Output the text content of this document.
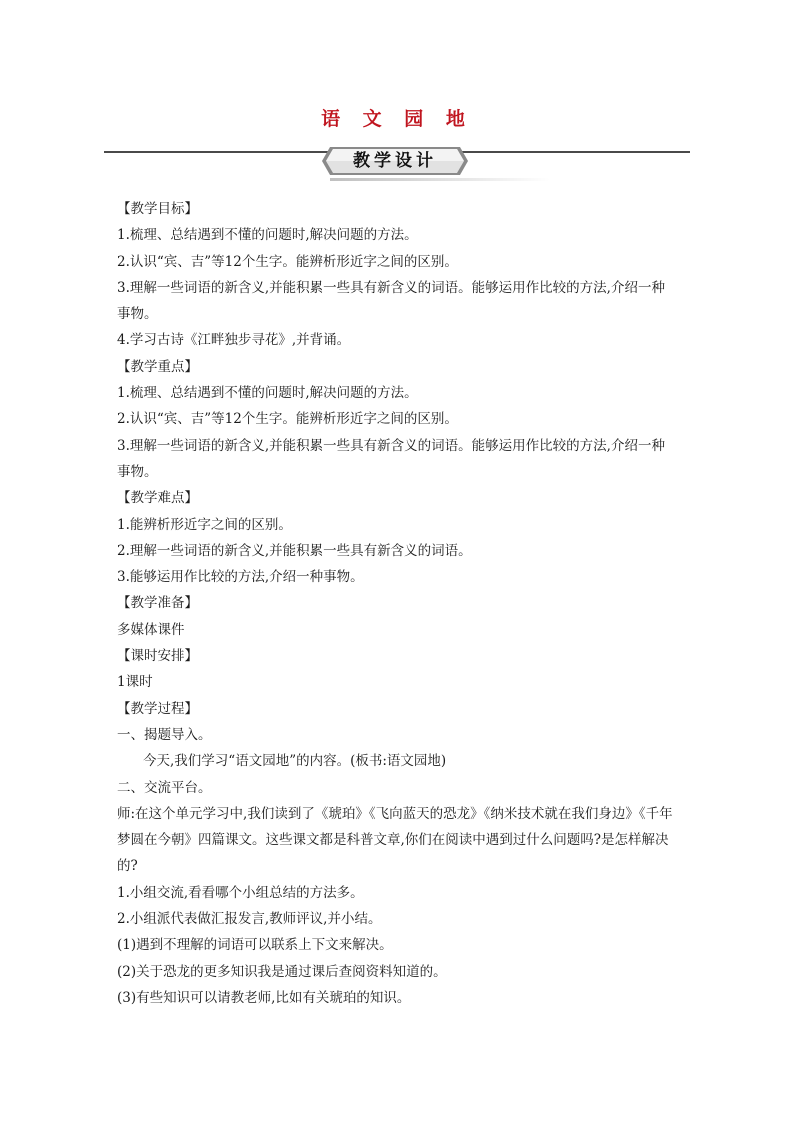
语 文 园 地
教学设计

【教学目标】

1.梳理、总结遇到不懂的问题时,解决问题的方法。

2.认识“宾、吉”等12个生字。能辨析形近字之间的区别。

3.理解一些词语的新含义,并能积累一些具有新含义的词语。能够运用作比较的方法,介绍一种事物。

4.学习古诗《江畔独步寻花》,并背诵。

【教学重点】

1.梳理、总结遇到不懂的问题时,解决问题的方法。

2.认识“宾、吉”等12个生字。能辨析形近字之间的区别。

3.理解一些词语的新含义,并能积累一些具有新含义的词语。能够运用作比较的方法,介绍一种事物。

【教学难点】

1.能辨析形近字之间的区别。

2.理解一些词语的新含义,并能积累一些具有新含义的词语。

3.能够运用作比较的方法,介绍一种事物。

【教学准备】

多媒体课件

【课时安排】

1课时

【教学过程】

一、揭题导入。

今天,我们学习“语文园地”的内容。(板书:语文园地)

二、交流平台。

师:在这个单元学习中,我们读到了《琥珀》《飞向蓝天的恐龙》《纳米技术就在我们身边》《千年梦圆在今朝》四篇课文。这些课文都是科普文章,你们在阅读中遇到过什么问题吗?是怎样解决的?

1.小组交流,看看哪个小组总结的方法多。

2.小组派代表做汇报发言,教师评议,并小结。

(1)遇到不理解的词语可以联系上下文来解决。

(2)关于恐龙的更多知识我是通过课后查阅资料知道的。

(3)有些知识可以请教老师,比如有关琥珀的知识。
